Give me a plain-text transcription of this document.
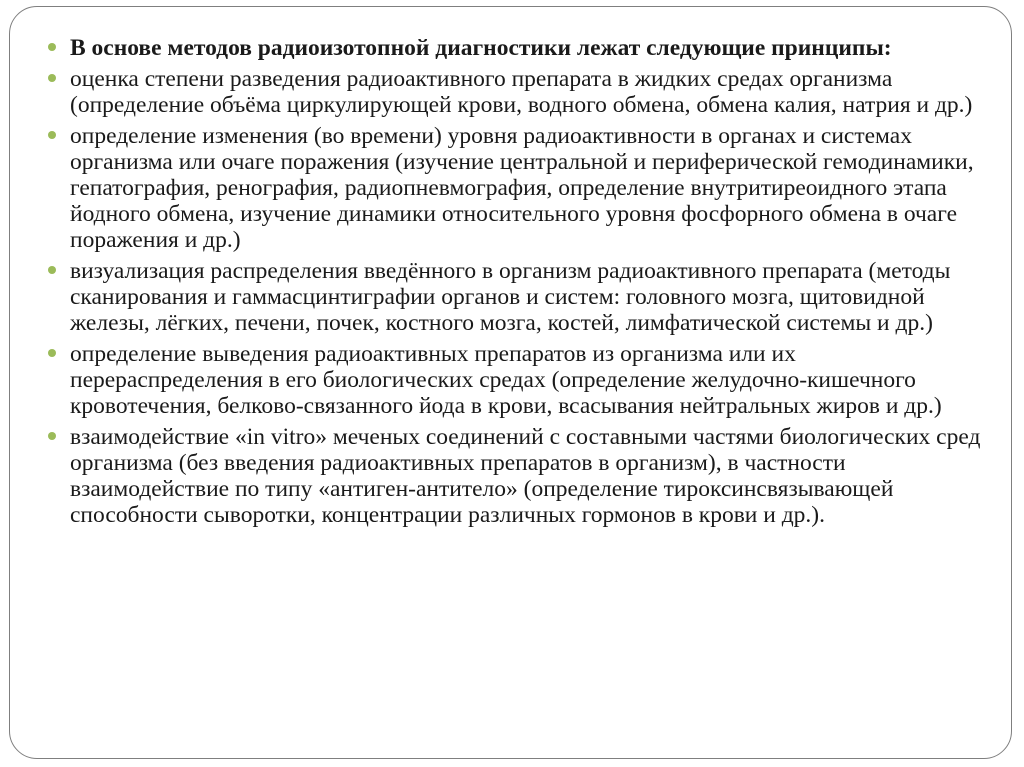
В основе методов радиоизотопной диагностики лежат следующие принципы:
оценка степени разведения радиоактивного препарата в жидких средах организма (определение объёма циркулирующей крови, водного обмена, обмена калия, натрия и др.)
определение изменения (во времени) уровня радиоактивности в органах и системах организма или очаге поражения (изучение центральной и периферической гемодинамики, гепатография, ренография, радиопневмография, определение внутритиреоидного этапа йодного обмена, изучение динамики относительного уровня фосфорного обмена в очаге поражения и др.)
визуализация распределения введённого в организм радиоактивного препарата (методы сканирования и гаммасцинтиграфии органов и систем: головного мозга, щитовидной железы, лёгких, печени, почек, костного мозга, костей, лимфатической системы и др.)
определение выведения радиоактивных препаратов из организма или их перераспределения в его биологических средах (определение желудочно-кишечного кровотечения, белково-связанного йода в крови, всасывания нейтральных жиров и др.)
взаимодействие «in vitro» меченых соединений с составными частями биологических сред организма (без введения радиоактивных препаратов в организм), в частности взаимодействие по типу «антиген-антитело» (определение тироксинсвязывающей способности сыворотки, концентрации различных гормонов в крови и др.).
